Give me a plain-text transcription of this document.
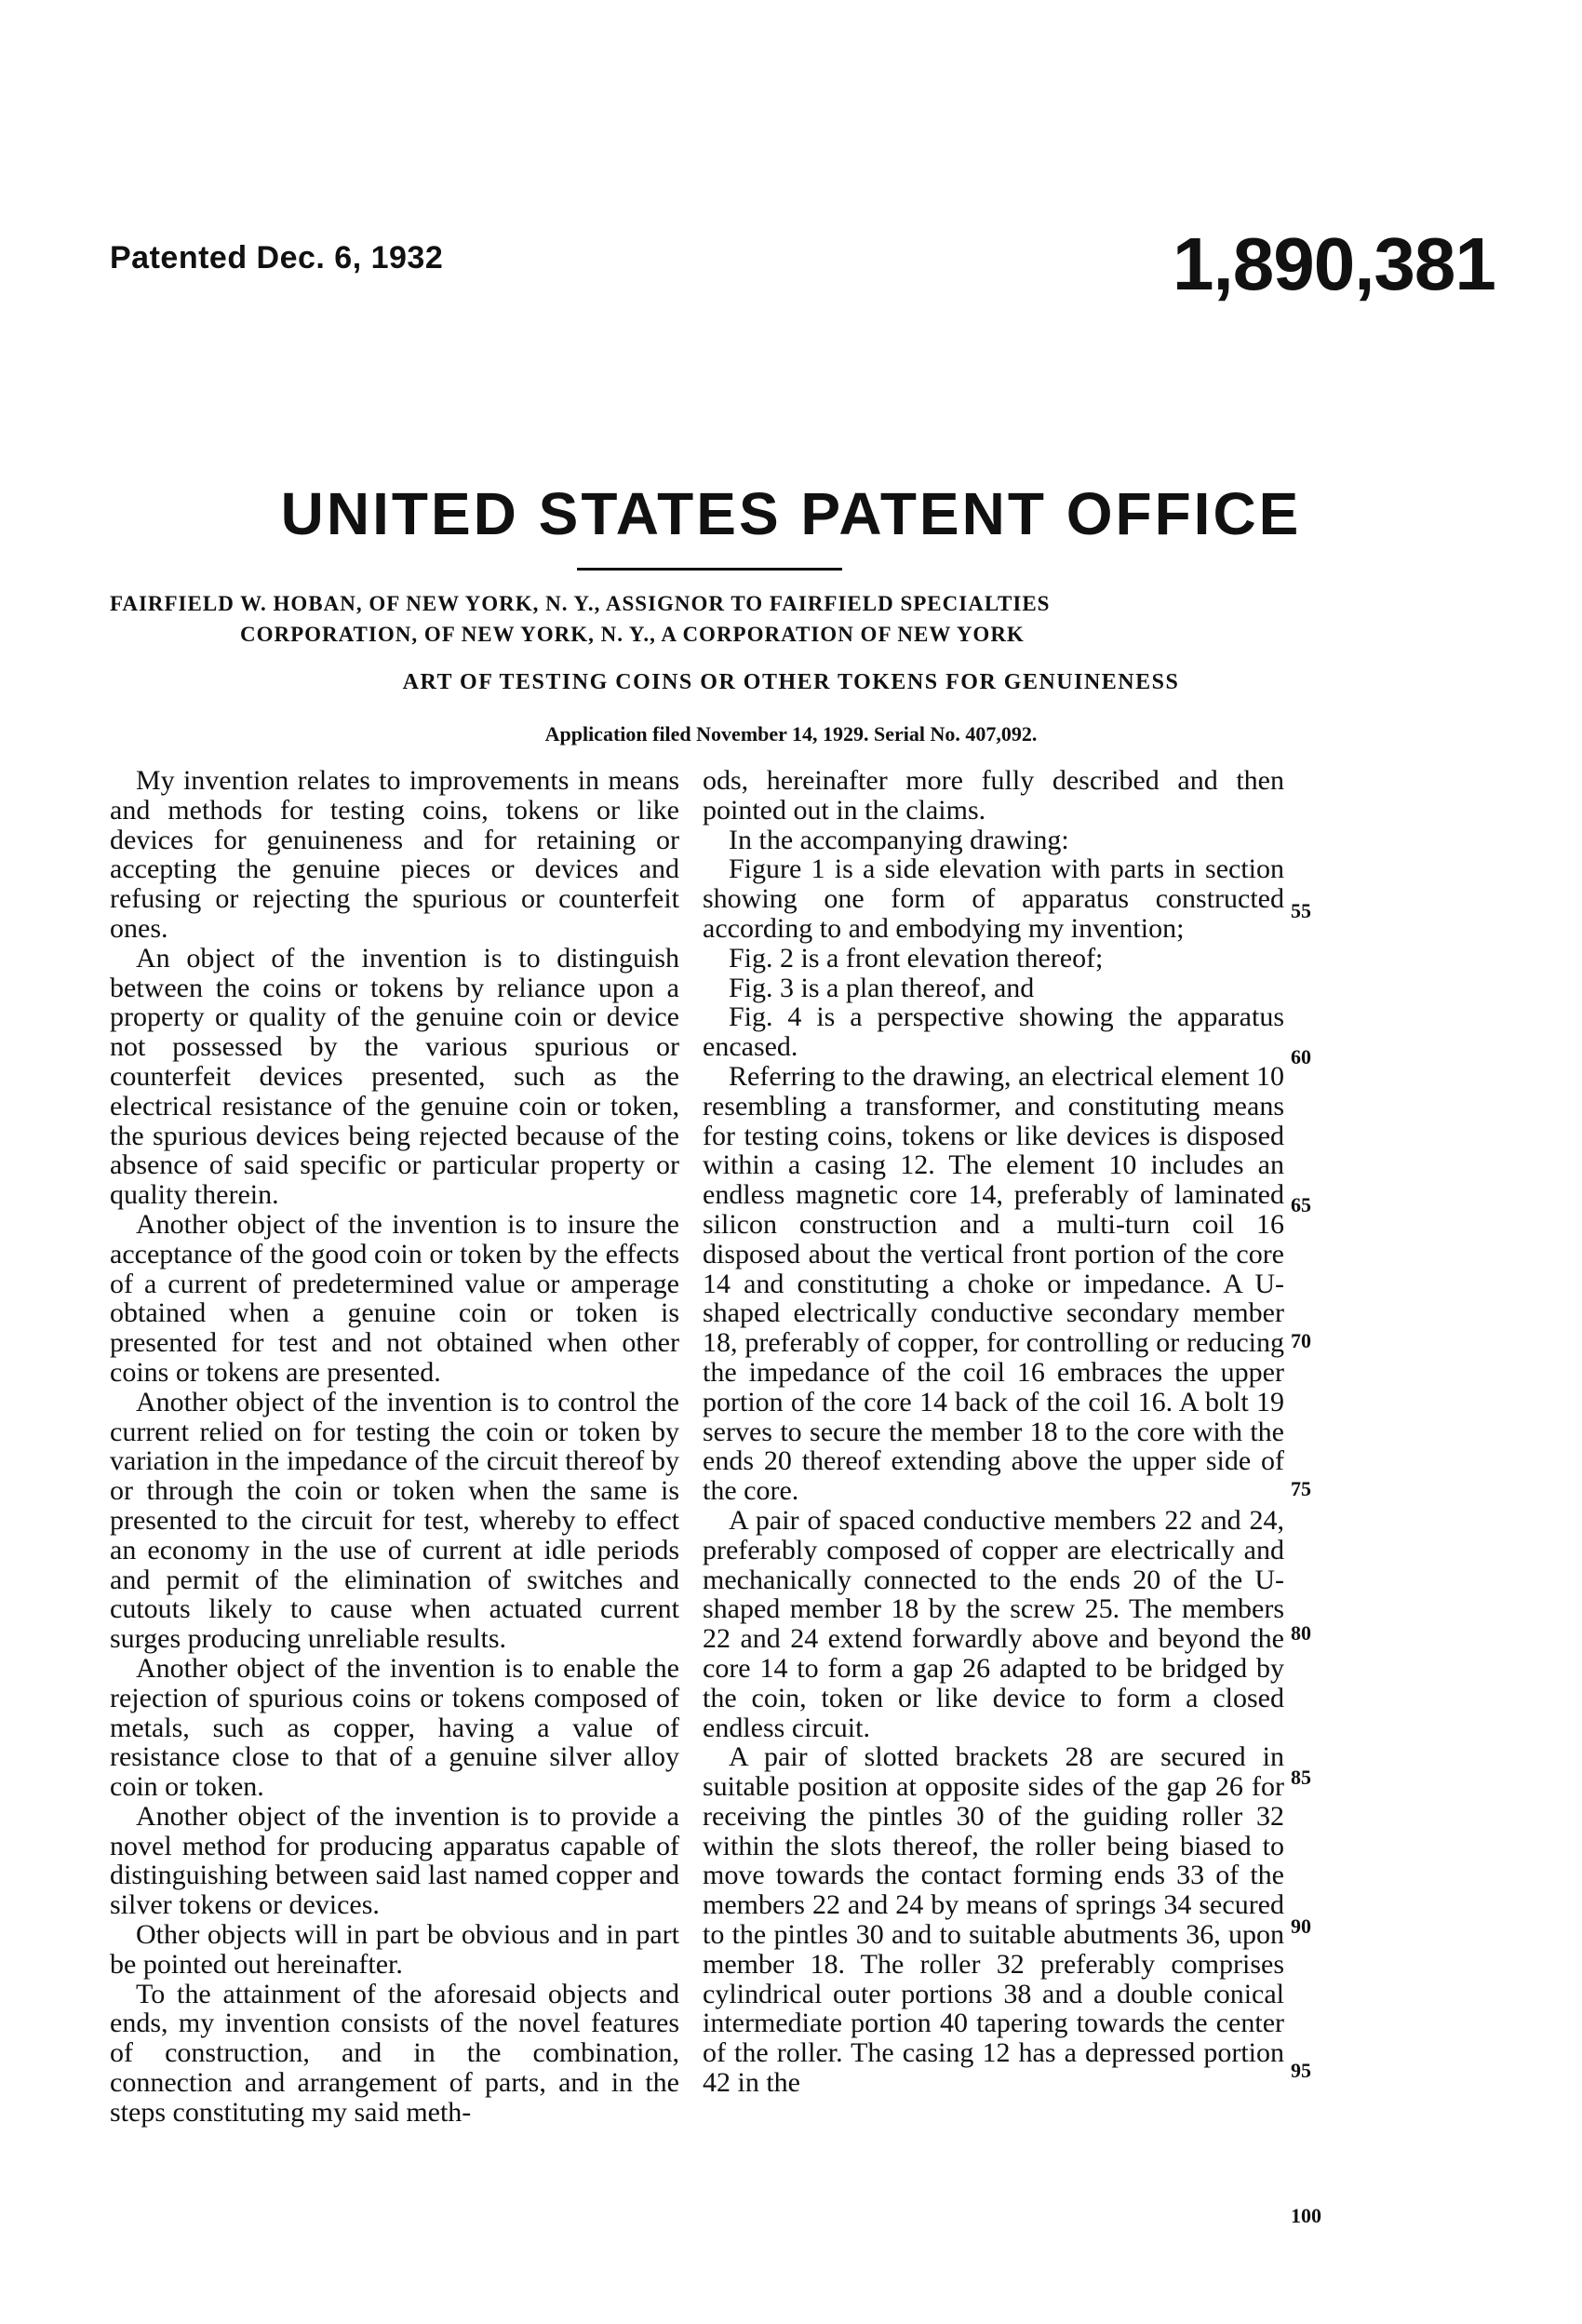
Patented Dec. 6, 1932	1,890,381
UNITED STATES PATENT OFFICE
FAIRFIELD W. HOBAN, OF NEW YORK, N. Y., ASSIGNOR TO FAIRFIELD SPECIALTIES
CORPORATION, OF NEW YORK, N. Y., A CORPORATION OF NEW YORK
ART OF TESTING COINS OR OTHER TOKENS FOR GENUINENESS
Application filed November 14, 1929. Serial No. 407,092.

My invention relates to improvements in means and methods for testing coins, tokens or like devices for genuineness and for retaining or accepting the genuine pieces or devices and refusing or rejecting the spurious or counterfeit ones.

An object of the invention is to distinguish between the coins or tokens by reliance upon a property or quality of the genuine coin or device not possessed by the various spurious or counterfeit devices presented, such as the electrical resistance of the genuine coin or token, the spurious devices being rejected because of the absence of said specific or particular property or quality therein.

Another object of the invention is to insure the acceptance of the good coin or token by the effects of a current of predetermined value or amperage obtained when a genuine coin or token is presented for test and not obtained when other coins or tokens are presented.

Another object of the invention is to control the current relied on for testing the coin or token by variation in the impedance of the circuit thereof by or through the coin or token when the same is presented to the circuit for test, whereby to effect an economy in the use of current at idle periods and permit of the elimination of switches and cutouts likely to cause when actuated current surges producing unreliable results.

Another object of the invention is to enable the rejection of spurious coins or tokens composed of metals, such as copper, having a value of resistance close to that of a genuine silver alloy coin or token.

Another object of the invention is to provide a novel method for producing apparatus capable of distinguishing between said last named copper and silver tokens or devices.

Other objects will in part be obvious and in part be pointed out hereinafter.

To the attainment of the aforesaid objects and ends, my invention consists of the novel features of construction, and in the combination, connection and arrangement of parts, and in the steps constituting my said meth-

ods, hereinafter more fully described and then pointed out in the claims.

In the accompanying drawing:

Figure 1 is a side elevation with parts in section showing one form of apparatus constructed according to and embodying my invention;

Fig. 2 is a front elevation thereof;

Fig. 3 is a plan thereof, and

Fig. 4 is a perspective showing the apparatus encased.

Referring to the drawing, an electrical element 10 resembling a transformer, and constituting means for testing coins, tokens or like devices is disposed within a casing 12. The element 10 includes an endless magnetic core 14, preferably of laminated silicon construction and a multi-turn coil 16 disposed about the vertical front portion of the core 14 and constituting a choke or impedance. A U-shaped electrically conductive secondary member 18, preferably of copper, for controlling or reducing the impedance of the coil 16 embraces the upper portion of the core 14 back of the coil 16. A bolt 19 serves to secure the member 18 to the core with the ends 20 thereof extending above the upper side of the core.

A pair of spaced conductive members 22 and 24, preferably composed of copper are electrically and mechanically connected to the ends 20 of the U-shaped member 18 by the screw 25. The members 22 and 24 extend forwardly above and beyond the core 14 to form a gap 26 adapted to be bridged by the coin, token or like device to form a closed endless circuit.

A pair of slotted brackets 28 are secured in suitable position at opposite sides of the gap 26 for receiving the pintles 30 of the guiding roller 32 within the slots thereof, the roller being biased to move towards the contact forming ends 33 of the members 22 and 24 by means of springs 34 secured to the pintles 30 and to suitable abutments 36, upon member 18. The roller 32 preferably comprises cylindrical outer portions 38 and a double conical intermediate portion 40 tapering towards the center of the roller. The casing 12 has a depressed portion 42 in the

55
60
65
70
75
80
85
90
95
100
